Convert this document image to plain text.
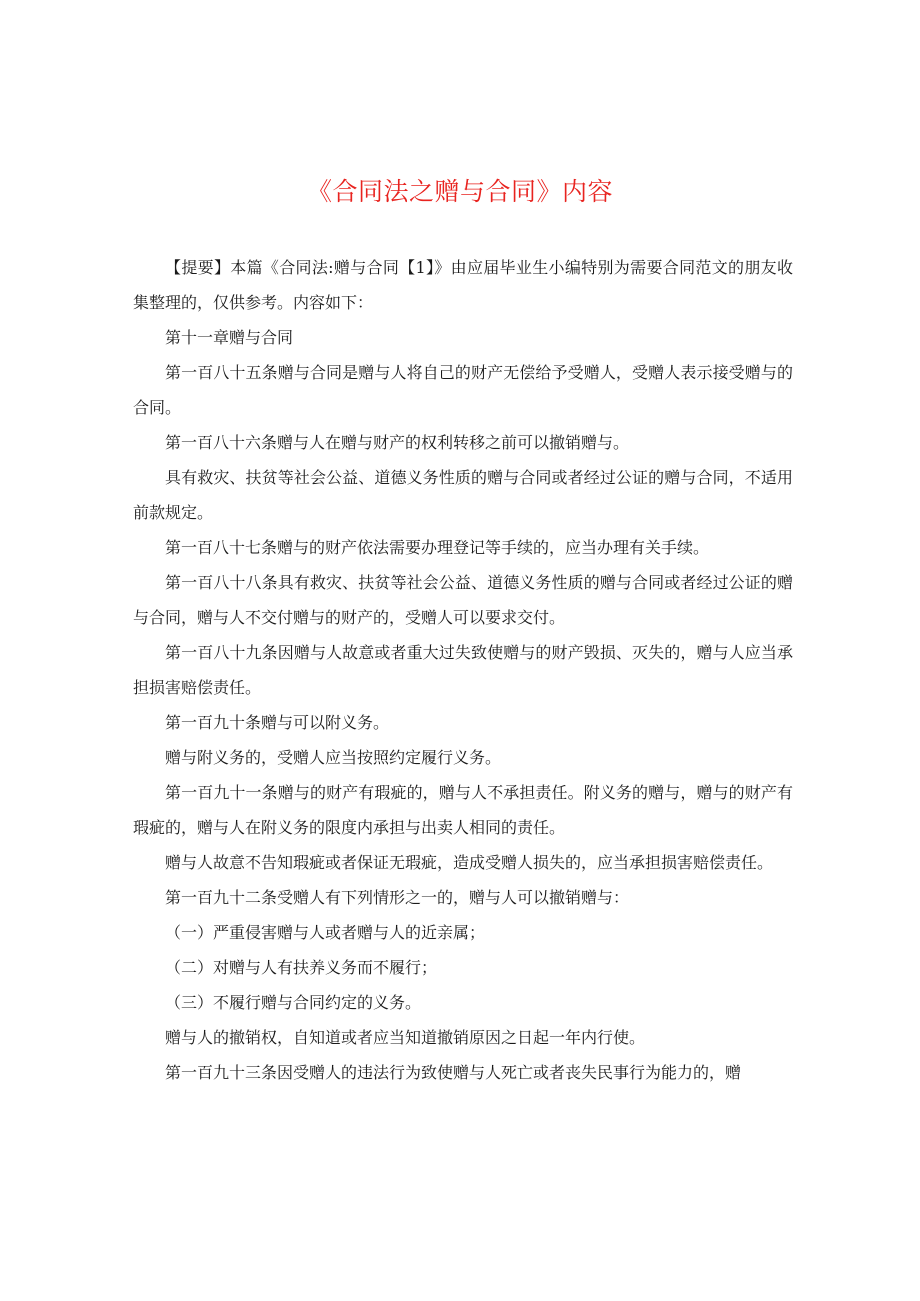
《合同法之赠与合同》内容

【提要】本篇《合同法:赠与合同【1】》由应届毕业生小编特别为需要合同范文的朋友收集整理的，仅供参考。内容如下：

第十一章赠与合同

第一百八十五条赠与合同是赠与人将自己的财产无偿给予受赠人，受赠人表示接受赠与的合同。

第一百八十六条赠与人在赠与财产的权利转移之前可以撤销赠与。

具有救灾、扶贫等社会公益、道德义务性质的赠与合同或者经过公证的赠与合同，不适用前款规定。

第一百八十七条赠与的财产依法需要办理登记等手续的，应当办理有关手续。

第一百八十八条具有救灾、扶贫等社会公益、道德义务性质的赠与合同或者经过公证的赠与合同，赠与人不交付赠与的财产的，受赠人可以要求交付。

第一百八十九条因赠与人故意或者重大过失致使赠与的财产毁损、灭失的，赠与人应当承担损害赔偿责任。

第一百九十条赠与可以附义务。

赠与附义务的，受赠人应当按照约定履行义务。

第一百九十一条赠与的财产有瑕疵的，赠与人不承担责任。附义务的赠与，赠与的财产有瑕疵的，赠与人在附义务的限度内承担与出卖人相同的责任。

赠与人故意不告知瑕疵或者保证无瑕疵，造成受赠人损失的，应当承担损害赔偿责任。

第一百九十二条受赠人有下列情形之一的，赠与人可以撤销赠与：

（一）严重侵害赠与人或者赠与人的近亲属；

（二）对赠与人有扶养义务而不履行；

（三）不履行赠与合同约定的义务。

赠与人的撤销权，自知道或者应当知道撤销原因之日起一年内行使。

第一百九十三条因受赠人的违法行为致使赠与人死亡或者丧失民事行为能力的，赠
